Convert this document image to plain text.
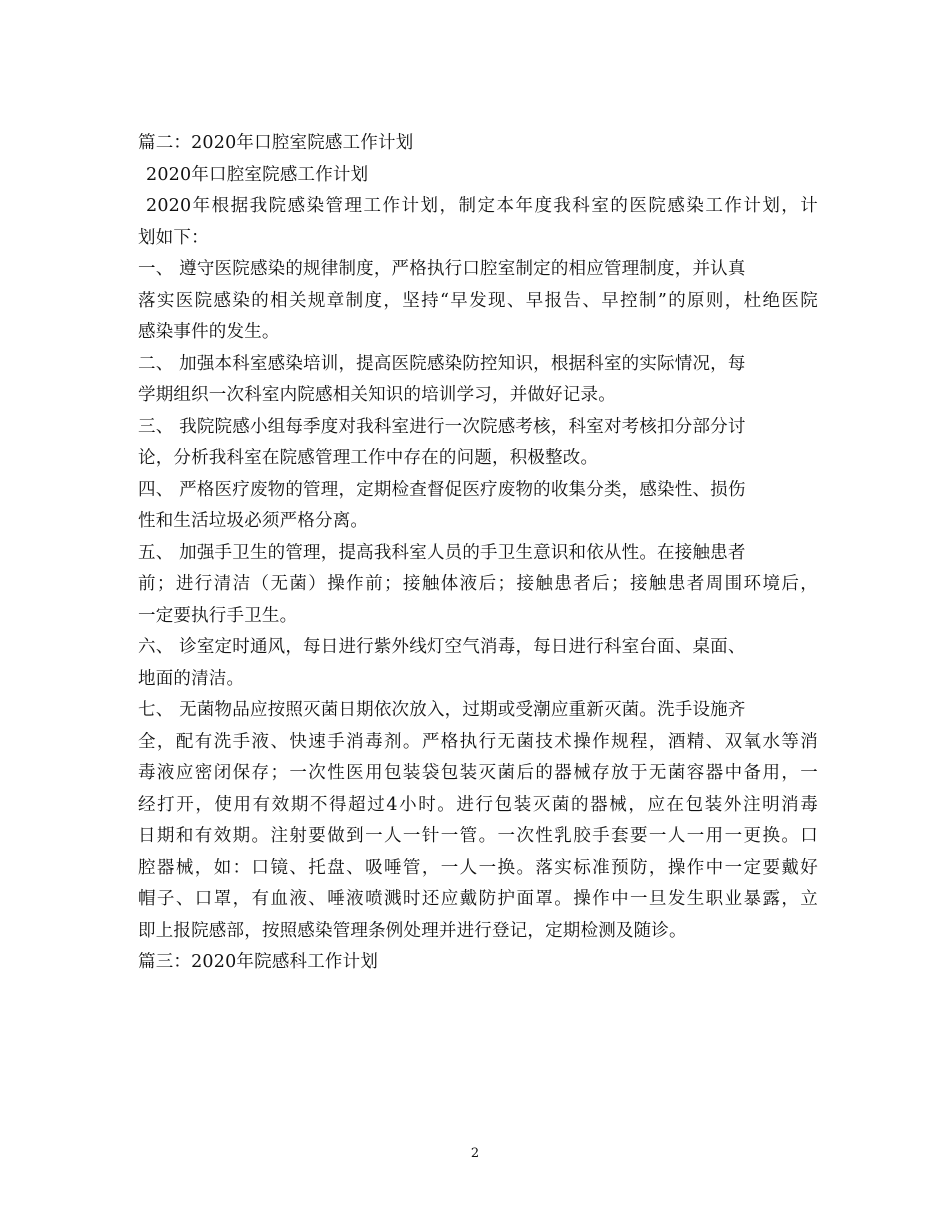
篇二：2020年口腔室院感工作计划
2020年口腔室院感工作计划
2020年根据我院感染管理工作计划，制定本年度我科室的医院感染工作计划，计
划如下：
一、 遵守医院感染的规律制度，严格执行口腔室制定的相应管理制度，并认真
落实医院感染的相关规章制度，坚持“早发现、早报告、早控制”的原则，杜绝医院
感染事件的发生。
二、 加强本科室感染培训，提高医院感染防控知识，根据科室的实际情况，每
学期组织一次科室内院感相关知识的培训学习，并做好记录。
三、 我院院感小组每季度对我科室进行一次院感考核，科室对考核扣分部分讨
论，分析我科室在院感管理工作中存在的问题，积极整改。
四、 严格医疗废物的管理，定期检查督促医疗废物的收集分类，感染性、损伤
性和生活垃圾必须严格分离。
五、 加强手卫生的管理，提高我科室人员的手卫生意识和依从性。在接触患者
前；进行清洁（无菌）操作前；接触体液后；接触患者后；接触患者周围环境后，
一定要执行手卫生。
六、 诊室定时通风，每日进行紫外线灯空气消毒，每日进行科室台面、桌面、
地面的清洁。
七、 无菌物品应按照灭菌日期依次放入，过期或受潮应重新灭菌。洗手设施齐
全，配有洗手液、快速手消毒剂。严格执行无菌技术操作规程，酒精、双氧水等消
毒液应密闭保存；一次性医用包装袋包装灭菌后的器械存放于无菌容器中备用，一
经打开，使用有效期不得超过4小时。进行包装灭菌的器械，应在包装外注明消毒
日期和有效期。注射要做到一人一针一管。一次性乳胶手套要一人一用一更换。口
腔器械，如：口镜、托盘、吸唾管，一人一换。落实标准预防，操作中一定要戴好
帽子、口罩，有血液、唾液喷溅时还应戴防护面罩。操作中一旦发生职业暴露，立
即上报院感部，按照感染管理条例处理并进行登记，定期检测及随诊。
篇三：2020年院感科工作计划
2
